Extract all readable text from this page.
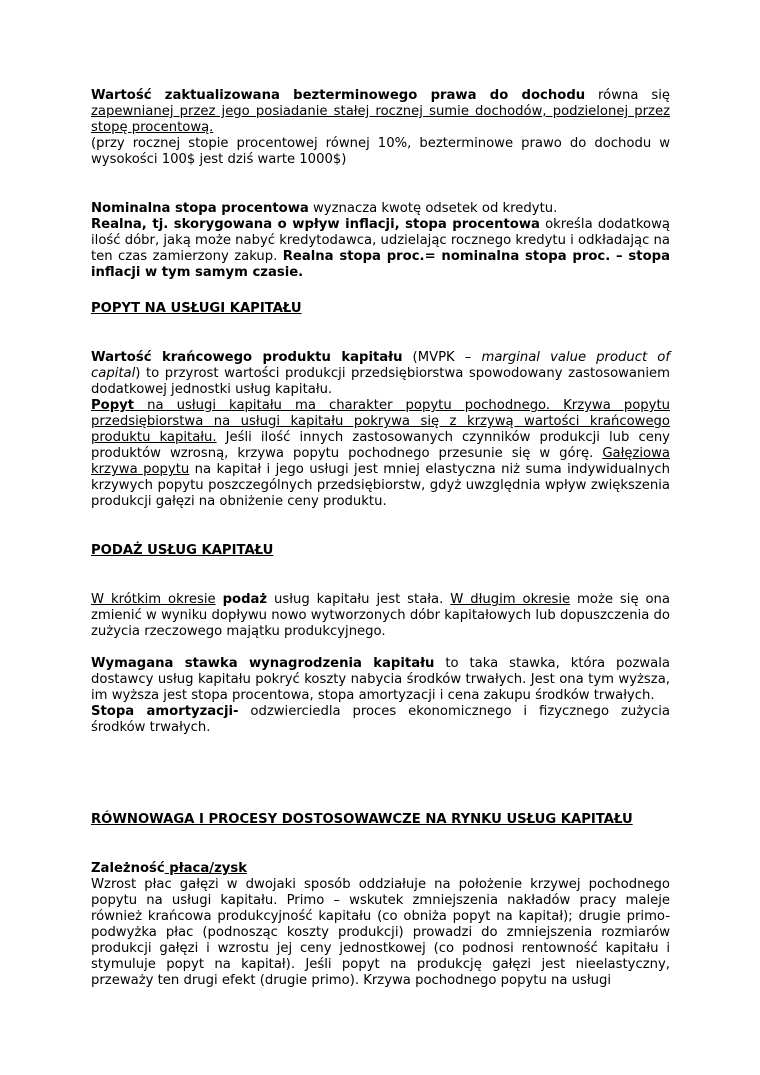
Wartość zaktualizowana bezterminowego prawa do dochodu równa się zapewnianej przez jego posiadanie stałej rocznej sumie dochodów, podzielonej przez stopę procentową.

(przy rocznej stopie procentowej równej 10%, bezterminowe prawo do dochodu w wysokości 100$ jest dziś warte 1000$)

Nominalna stopa procentowa wyznacza kwotę odsetek od kredytu.

Realna, tj. skorygowana o wpływ inflacji, stopa procentowa określa dodatkową ilość dóbr, jaką może nabyć kredytodawca, udzielając rocznego kredytu i odkładając na ten czas zamierzony zakup. Realna stopa proc.= nominalna stopa proc. – stopa inflacji w tym samym czasie.

POPYT NA USŁUGI KAPITAŁU

Wartość krańcowego produktu kapitału (MVPK – marginal value product of capital) to przyrost wartości produkcji przedsiębiorstwa spowodowany zastosowaniem dodatkowej jednostki usług kapitału.

Popyt na usługi kapitału ma charakter popytu pochodnego. Krzywa popytu przedsiębiorstwa na usługi kapitału pokrywa się z krzywą wartości krańcowego produktu kapitału. Jeśli ilość innych zastosowanych czynników produkcji lub ceny produktów wzrosną, krzywa popytu pochodnego przesunie się w górę. Gałęziowa krzywa popytu na kapitał i jego usługi jest mniej elastyczna niż suma indywidualnych krzywych popytu poszczególnych przedsiębiorstw, gdyż uwzględnia wpływ zwiększenia produkcji gałęzi na obniżenie ceny produktu.

PODAŻ USŁUG KAPITAŁU

W krótkim okresie podaż usług kapitału jest stała. W długim okresie może się ona zmienić w wyniku dopływu nowo wytworzonych dóbr kapitałowych lub dopuszczenia do zużycia rzeczowego majątku produkcyjnego.

Wymagana stawka wynagrodzenia kapitału to taka stawka, która pozwala dostawcy usług kapitału pokryć koszty nabycia środków trwałych. Jest ona tym wyższa, im wyższa jest stopa procentowa, stopa amortyzacji i cena zakupu środków trwałych.

Stopa amortyzacji- odzwierciedla proces ekonomicznego i fizycznego zużycia środków trwałych.

RÓWNOWAGA I PROCESY DOSTOSOWAWCZE NA RYNKU USŁUG KAPITAŁU

Zależność płaca/zysk

Wzrost płac gałęzi w dwojaki sposób oddziałuje na położenie krzywej pochodnego popytu na usługi kapitału. Primo – wskutek zmniejszenia nakładów pracy maleje również krańcowa produkcyjność kapitału (co obniża popyt na kapitał); drugie primo- podwyżka płac (podnosząc koszty produkcji) prowadzi do zmniejszenia rozmiarów produkcji gałęzi i wzrostu jej ceny jednostkowej (co podnosi rentowność kapitału i stymuluje popyt na kapitał). Jeśli popyt na produkcję gałęzi jest nieelastyczny, przeważy ten drugi efekt (drugie primo). Krzywa pochodnego popytu na usługi
